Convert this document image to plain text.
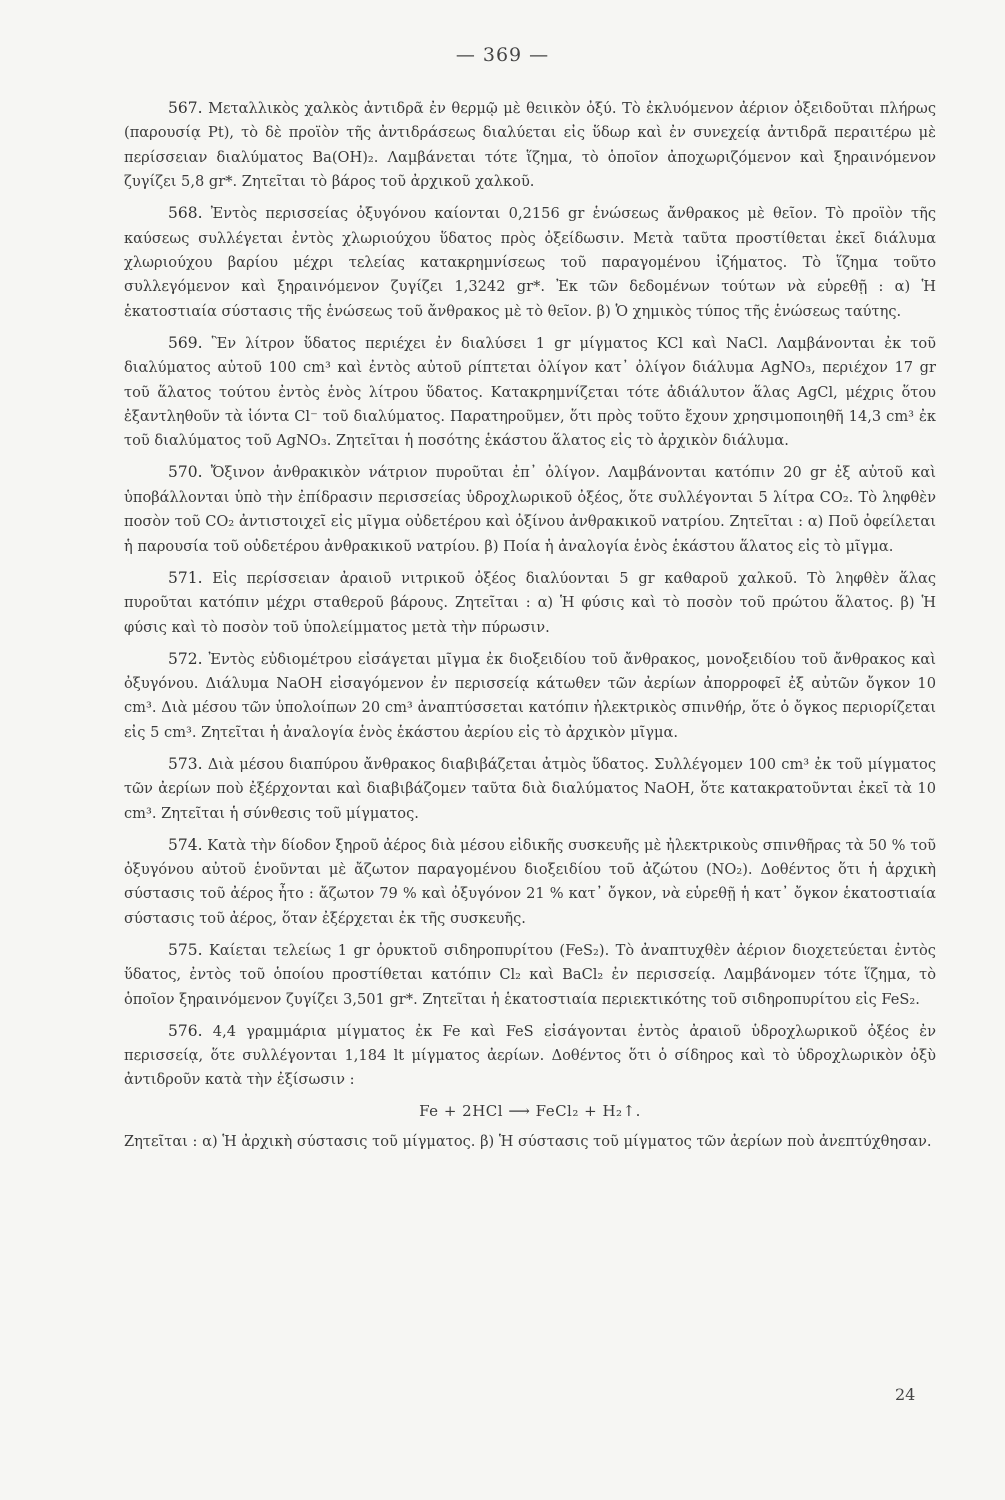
— 369 —

567. Μεταλλικὸς χαλκὸς ἀντιδρᾶ ἐν θερμῷ μὲ θειικὸν ὀξύ. Τὸ ἐκλυόμενον ἀέριον ὀξειδοῦται πλήρως (παρουσίᾳ Pt), τὸ δὲ προϊὸν τῆς ἀντιδράσεως διαλύεται εἰς ὕδωρ καὶ ἐν συνεχείᾳ ἀντιδρᾶ περαιτέρω μὲ περίσσειαν διαλύματος Ba(OH)₂. Λαμβάνεται τότε ἵζημα, τὸ ὁποῖον ἀποχωριζόμενον καὶ ξηραινόμενον ζυγίζει 5,8 gr*. Ζητεῖται τὸ βάρος τοῦ ἀρχικοῦ χαλκοῦ.

568. Ἐντὸς περισσείας ὀξυγόνου καίονται 0,2156 gr ἑνώσεως ἄνθρακος μὲ θεῖον. Τὸ προϊὸν τῆς καύσεως συλλέγεται ἐντὸς χλωριούχου ὕδατος πρὸς ὀξείδωσιν. Μετὰ ταῦτα προστίθεται ἐκεῖ διάλυμα χλωριούχου βαρίου μέχρι τελείας κατακρημνίσεως τοῦ παραγομένου ἰζήματος. Τὸ ἵζημα τοῦτο συλλεγόμενον καὶ ξηραινόμενον ζυγίζει 1,3242 gr*. Ἐκ τῶν δεδομένων τούτων νὰ εὑρεθῇ : α) Ἡ ἑκατοστιαία σύστασις τῆς ἑνώσεως τοῦ ἄνθρακος μὲ τὸ θεῖον. β) Ὁ χημικὸς τύπος τῆς ἑνώσεως ταύτης.

569. Ἓν λίτρον ὕδατος περιέχει ἐν διαλύσει 1 gr μίγματος KCl καὶ NaCl. Λαμβάνονται ἐκ τοῦ διαλύματος αὐτοῦ 100 cm³ καὶ ἐντὸς αὐτοῦ ρίπτεται ὀλίγον κατ᾽ ὀλίγον διάλυμα AgNO₃, περιέχον 17 gr τοῦ ἅλατος τούτου ἐντὸς ἑνὸς λίτρου ὕδατος. Κατακρημνίζεται τότε ἀδιάλυτον ἅλας AgCl, μέχρις ὅτου ἐξαντληθοῦν τὰ ἰόντα Cl⁻ τοῦ διαλύματος. Παρατηροῦμεν, ὅτι πρὸς τοῦτο ἔχουν χρησιμοποιηθῆ 14,3 cm³ ἐκ τοῦ διαλύματος τοῦ AgNO₃. Ζητεῖται ἡ ποσότης ἑκάστου ἅλατος εἰς τὸ ἀρχικὸν διάλυμα.

570. Ὄξινον ἀνθρακικὸν νάτριον πυροῦται ἐπ᾽ ὀλίγον. Λαμβάνονται κατόπιν 20 gr ἐξ αὐτοῦ καὶ ὑποβάλλονται ὑπὸ τὴν ἐπίδρασιν περισσείας ὑδροχλωρικοῦ ὀξέος, ὅτε συλλέγονται 5 λίτρα CO₂. Τὸ ληφθὲν ποσὸν τοῦ CO₂ ἀντιστοιχεῖ εἰς μῖγμα οὐδετέρου καὶ ὀξίνου ἀνθρακικοῦ νατρίου. Ζητεῖται : α) Ποῦ ὀφείλεται ἡ παρουσία τοῦ οὐδετέρου ἀνθρακικοῦ νατρίου. β) Ποία ἡ ἀναλογία ἑνὸς ἑκάστου ἅλατος εἰς τὸ μῖγμα.

571. Εἰς περίσσειαν ἀραιοῦ νιτρικοῦ ὀξέος διαλύονται 5 gr καθαροῦ χαλκοῦ. Τὸ ληφθὲν ἅλας πυροῦται κατόπιν μέχρι σταθεροῦ βάρους. Ζητεῖται : α) Ἡ φύσις καὶ τὸ ποσὸν τοῦ πρώτου ἅλατος. β) Ἡ φύσις καὶ τὸ ποσὸν τοῦ ὑπολείμματος μετὰ τὴν πύρωσιν.

572. Ἐντὸς εὐδιομέτρου εἰσάγεται μῖγμα ἐκ διοξειδίου τοῦ ἄνθρακος, μονοξειδίου τοῦ ἄνθρακος καὶ ὀξυγόνου. Διάλυμα NaOH εἰσαγόμενον ἐν περισσείᾳ κάτωθεν τῶν ἀερίων ἀπορροφεῖ ἐξ αὐτῶν ὄγκον 10 cm³. Διὰ μέσου τῶν ὑπολοίπων 20 cm³ ἀναπτύσσεται κατόπιν ἠλεκτρικὸς σπινθήρ, ὅτε ὁ ὄγκος περιορίζεται εἰς 5 cm³. Ζητεῖται ἡ ἀναλογία ἑνὸς ἑκάστου ἀερίου εἰς τὸ ἀρχικὸν μῖγμα.

573. Διὰ μέσου διαπύρου ἄνθρακος διαβιβάζεται ἀτμὸς ὕδατος. Συλλέγομεν 100 cm³ ἐκ τοῦ μίγματος τῶν ἀερίων ποὺ ἐξέρχονται καὶ διαβιβάζομεν ταῦτα διὰ διαλύματος NaOH, ὅτε κατακρατοῦνται ἐκεῖ τὰ 10 cm³. Ζητεῖται ἡ σύνθεσις τοῦ μίγματος.

574. Κατὰ τὴν δίοδον ξηροῦ ἀέρος διὰ μέσου εἰδικῆς συσκευῆς μὲ ἠλεκτρικοὺς σπινθῆρας τὰ 50 % τοῦ ὀξυγόνου αὐτοῦ ἑνοῦνται μὲ ἄζωτον παραγομένου διοξειδίου τοῦ ἀζώτου (NO₂). Δοθέντος ὅτι ἡ ἀρχικὴ σύστασις τοῦ ἀέρος ἦτο : ἄζωτον 79 % καὶ ὀξυγόνον 21 % κατ᾽ ὄγκον, νὰ εὑρεθῇ ἡ κατ᾽ ὄγκον ἑκατοστιαία σύστασις τοῦ ἀέρος, ὅταν ἐξέρχεται ἐκ τῆς συσκευῆς.

575. Καίεται τελείως 1 gr ὀρυκτοῦ σιδηροπυρίτου (FeS₂). Τὸ ἀναπτυχθὲν ἀέριον διοχετεύεται ἐντὸς ὕδατος, ἐντὸς τοῦ ὁποίου προστίθεται κατόπιν Cl₂ καὶ BaCl₂ ἐν περισσείᾳ. Λαμβάνομεν τότε ἵζημα, τὸ ὁποῖον ξηραινόμενον ζυγίζει 3,501 gr*. Ζητεῖται ἡ ἑκατοστιαία περιεκτικότης τοῦ σιδηροπυρίτου εἰς FeS₂.

576. 4,4 γραμμάρια μίγματος ἐκ Fe καὶ FeS εἰσάγονται ἐντὸς ἀραιοῦ ὑδροχλωρικοῦ ὀξέος ἐν περισσείᾳ, ὅτε συλλέγονται 1,184 lt μίγματος ἀερίων. Δοθέντος ὅτι ὁ σίδηρος καὶ τὸ ὑδροχλωρικὸν ὀξὺ ἀντιδροῦν κατὰ τὴν ἐξίσωσιν :

Fe + 2HCl ⟶ FeCl₂ + H₂↑.

Ζητεῖται : α) Ἡ ἀρχικὴ σύστασις τοῦ μίγματος. β) Ἡ σύστασις τοῦ μίγματος τῶν ἀερίων ποὺ ἀνεπτύχθησαν.

24
